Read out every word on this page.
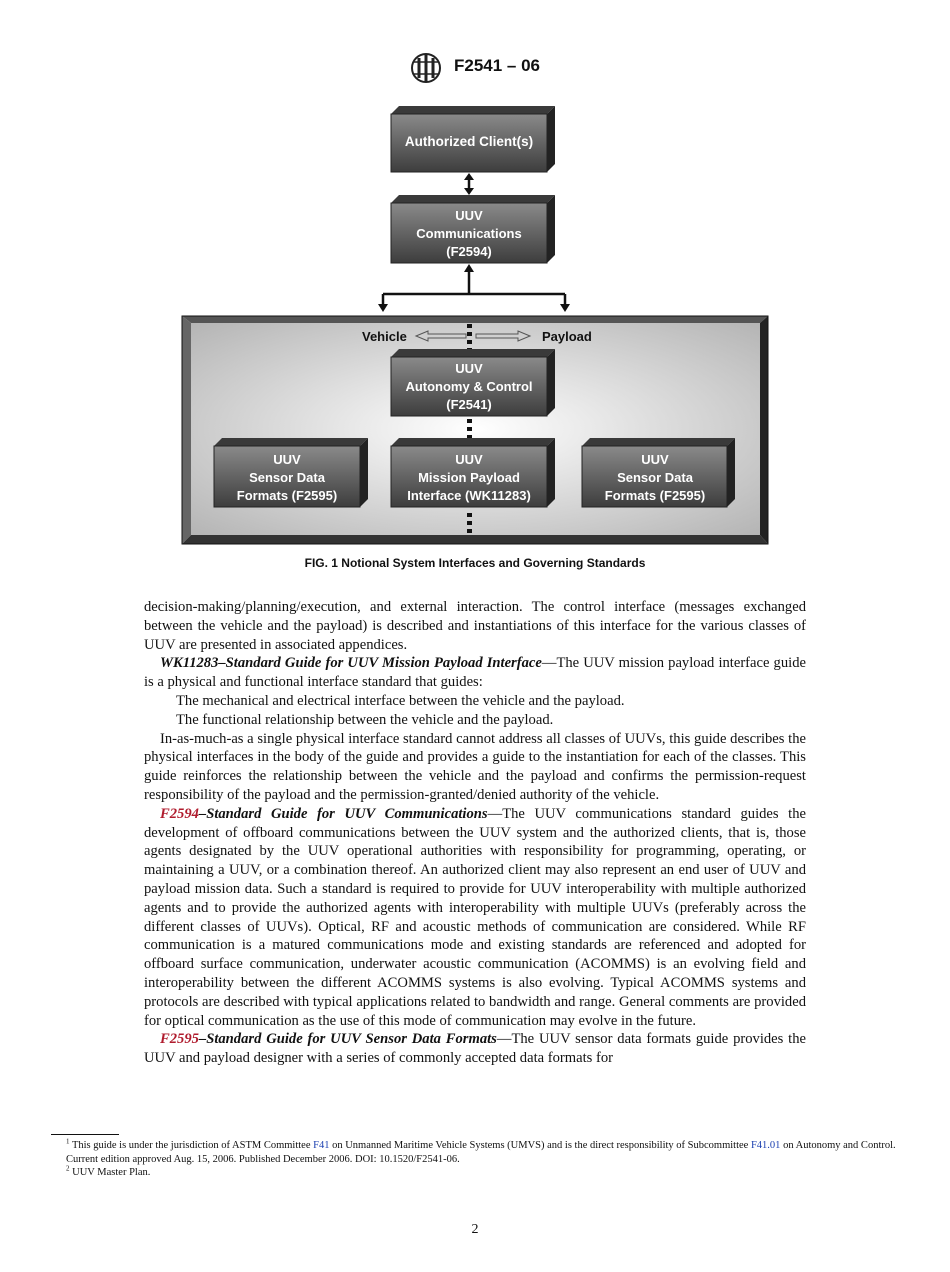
F2541 – 06
Authorized Client(s)
UUV
Communications
(F2594)
Vehicle	Payload
UUV
Autonomy & Control
(F2541)
UUV
Sensor Data
Formats (F2595)
UUV
Mission Payload
Interface (WK11283)
UUV
Sensor Data
Formats (F2595)
FIG. 1 Notional System Interfaces and Governing Standards

decision-making/planning/execution, and external interaction. The control interface (messages exchanged between the vehicle and the payload) is described and instantiations of this interface for the various classes of UUV are presented in associated appendices.

WK11283–Standard Guide for UUV Mission Payload Interface—The UUV mission payload interface guide is a physical and functional interface standard that guides:

The mechanical and electrical interface between the vehicle and the payload.

The functional relationship between the vehicle and the payload.

In-as-much-as a single physical interface standard cannot address all classes of UUVs, this guide describes the physical interfaces in the body of the guide and provides a guide to the instantiation for each of the classes. This guide reinforces the relationship between the vehicle and the payload and confirms the permission-request responsibility of the payload and the permission-granted/denied authority of the vehicle.

F2594–Standard Guide for UUV Communications—The UUV communications standard guides the development of offboard communications between the UUV system and the authorized clients, that is, those agents designated by the UUV operational authorities with responsibility for programming, operating, or maintaining a UUV, or a combination thereof. An authorized client may also represent an end user of UUV and payload mission data. Such a standard is required to provide for UUV interoperability with multiple authorized agents and to provide the authorized agents with interoperability with multiple UUVs (preferably across the different classes of UUVs). Optical, RF and acoustic methods of communication are considered. While RF communication is a matured communications mode and existing standards are referenced and adopted for offboard surface communication, underwater acoustic communication (ACOMMS) is an evolving field and interoperability between the different ACOMMS systems is also evolving. Typical ACOMMS systems and protocols are described with typical applications related to bandwidth and range. General comments are provided for optical communication as the use of this mode of communication may evolve in the future.

F2595–Standard Guide for UUV Sensor Data Formats—The UUV sensor data formats guide provides the UUV and payload designer with a series of commonly accepted data formats for

$^1$ This guide is under the jurisdiction of ASTM Committee F41 on Unmanned Maritime Vehicle Systems (UMVS) and is the direct responsibility of Subcommittee F41.01 on Autonomy and Control.

Current edition approved Aug. 15, 2006. Published December 2006. DOI: 10.1520/F2541-06.

$^2$ UUV Master Plan.

2
